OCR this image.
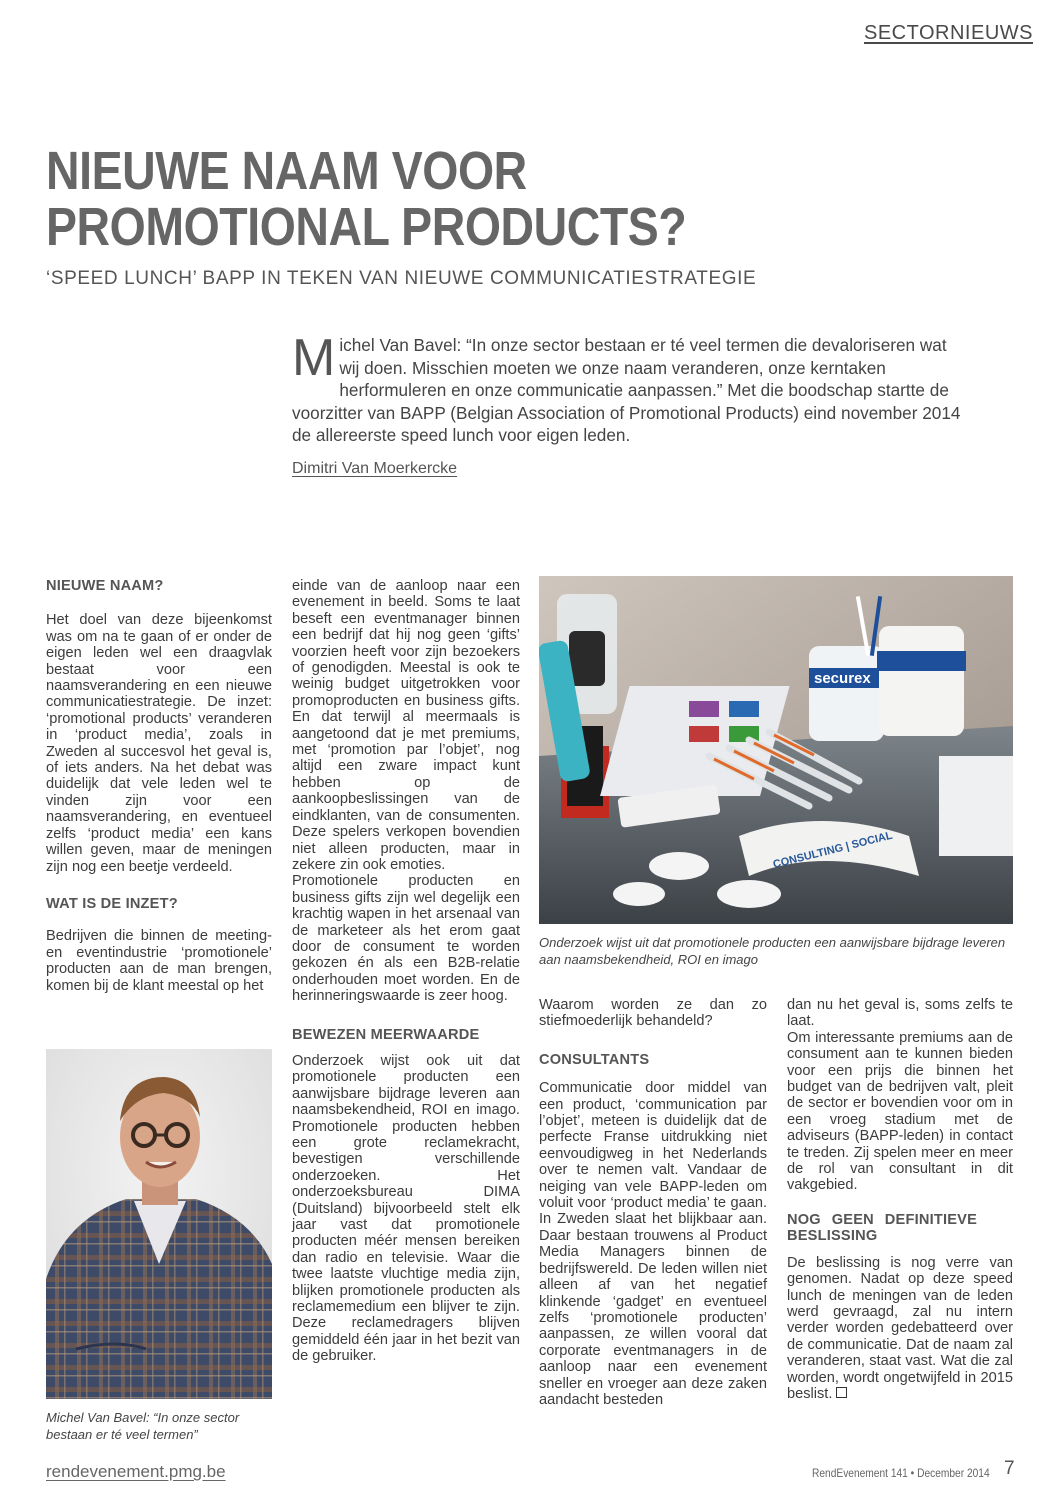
SECTORNIEUWS
NIEUWE NAAM VOOR
PROMOTIONAL PRODUCTS?
‘SPEED LUNCH’ BAPP IN TEKEN VAN NIEUWE COMMUNICATIESTRATEGIE
Michel Van Bavel: “In onze sector bestaan er té veel termen die devaloriseren wat wij doen. Misschien moeten we onze naam veranderen, onze kerntaken herformuleren en onze communicatie aanpassen.” Met die boodschap startte de voorzitter van BAPP (Belgian Association of Promotional Products) eind november 2014 de allereerste speed lunch voor eigen leden.
Dimitri Van Moerkercke
NIEUWE NAAM?

Het doel van deze bijeenkomst was om na te gaan of er onder de eigen leden wel een draagvlak bestaat voor een naamsverandering en een nieuwe communicatiestrategie. De inzet: ‘promotional products’ veranderen in ‘product media’, zoals in Zweden al succesvol het geval is, of iets anders. Na het debat was duidelijk dat vele leden wel te vinden zijn voor een naamsverandering, en eventueel zelfs ‘product media’ een kans willen geven, maar de meningen zijn nog een beetje verdeeld.

WAT IS DE INZET?

Bedrijven die binnen de meeting- en eventindustrie ‘promotionele’ producten aan de man brengen, komen bij de klant meestal op het

Michel Van Bavel: “In onze sector bestaan er té veel termen”

einde van de aanloop naar een evenement in beeld. Soms te laat beseft een eventmanager binnen een bedrijf dat hij nog geen ‘gifts’ voorzien heeft voor zijn bezoekers of genodigden. Meestal is ook te weinig budget uitgetrokken voor promoproducten en business gifts. En dat terwijl al meermaals is aangetoond dat je met premiums, met ‘promotion par l’objet’, nog altijd een zware impact kunt hebben op de aankoopbeslissingen van de eindklanten, van de consumenten. Deze spelers verkopen bovendien niet alleen producten, maar in zekere zin ook emoties.

Promotionele producten en business gifts zijn wel degelijk een krachtig wapen in het arsenaal van de marketeer als het erom gaat door de consument te worden gekozen én als een B2B-relatie onderhouden moet worden. En de herinneringswaarde is zeer hoog.

BEWEZEN MEERWAARDE

Onderzoek wijst ook uit dat promotionele producten een aanwijsbare bijdrage leveren aan naamsbekendheid, ROI en imago. Promotionele producten hebben een grote reclamekracht, bevestigen verschillende onderzoeken. Het onderzoeksbureau DIMA (Duitsland) bijvoorbeeld stelt elk jaar vast dat promotionele producten méér mensen bereiken dan radio en televisie. Waar die twee laatste vluchtige media zijn, blijken promotionele producten als reclamemedium een blijver te zijn. Deze reclamedragers blijven gemiddeld één jaar in het bezit van de gebruiker.

securex
CONSULTING | SOCIAL
Onderzoek wijst uit dat promotionele producten een aanwijsbare bijdrage leveren aan naamsbekendheid, ROI en imago

Waarom worden ze dan zo stiefmoederlijk behandeld?

CONSULTANTS

Communicatie door middel van een product, ‘communication par l’objet’, meteen is duidelijk dat de perfecte Franse uitdrukking niet eenvoudigweg in het Nederlands over te nemen valt. Vandaar de neiging van vele BAPP-leden om voluit voor ‘product media’ te gaan. In Zweden slaat het blijkbaar aan. Daar bestaan trouwens al Product Media Managers binnen de bedrijfswereld. De leden willen niet alleen af van het negatief klinkende ‘gadget’ en eventueel zelfs ‘promotionele producten’ aanpassen, ze willen vooral dat corporate eventmanagers in de aanloop naar een evenement sneller en vroeger aan deze zaken aandacht besteden

dan nu het geval is, soms zelfs te laat.

Om interessante premiums aan de consument aan te kunnen bieden voor een prijs die binnen het budget van de bedrijven valt, pleit de sector er bovendien voor om in een vroeg stadium met de adviseurs (BAPP-leden) in contact te treden. Zij spelen meer en meer de rol van consultant in dit vakgebied.

NOG GEEN DEFINITIEVE BESLISSING

De beslissing is nog verre van genomen. Nadat op deze speed lunch de meningen van de leden werd gevraagd, zal nu intern verder worden gedebatteerd over de communicatie. Dat de naam zal veranderen, staat vast. Wat die zal worden, wordt ongetwijfeld in 2015 beslist.

rendevenement.pmg.be	RendEvenement 141 • December 2014 7
